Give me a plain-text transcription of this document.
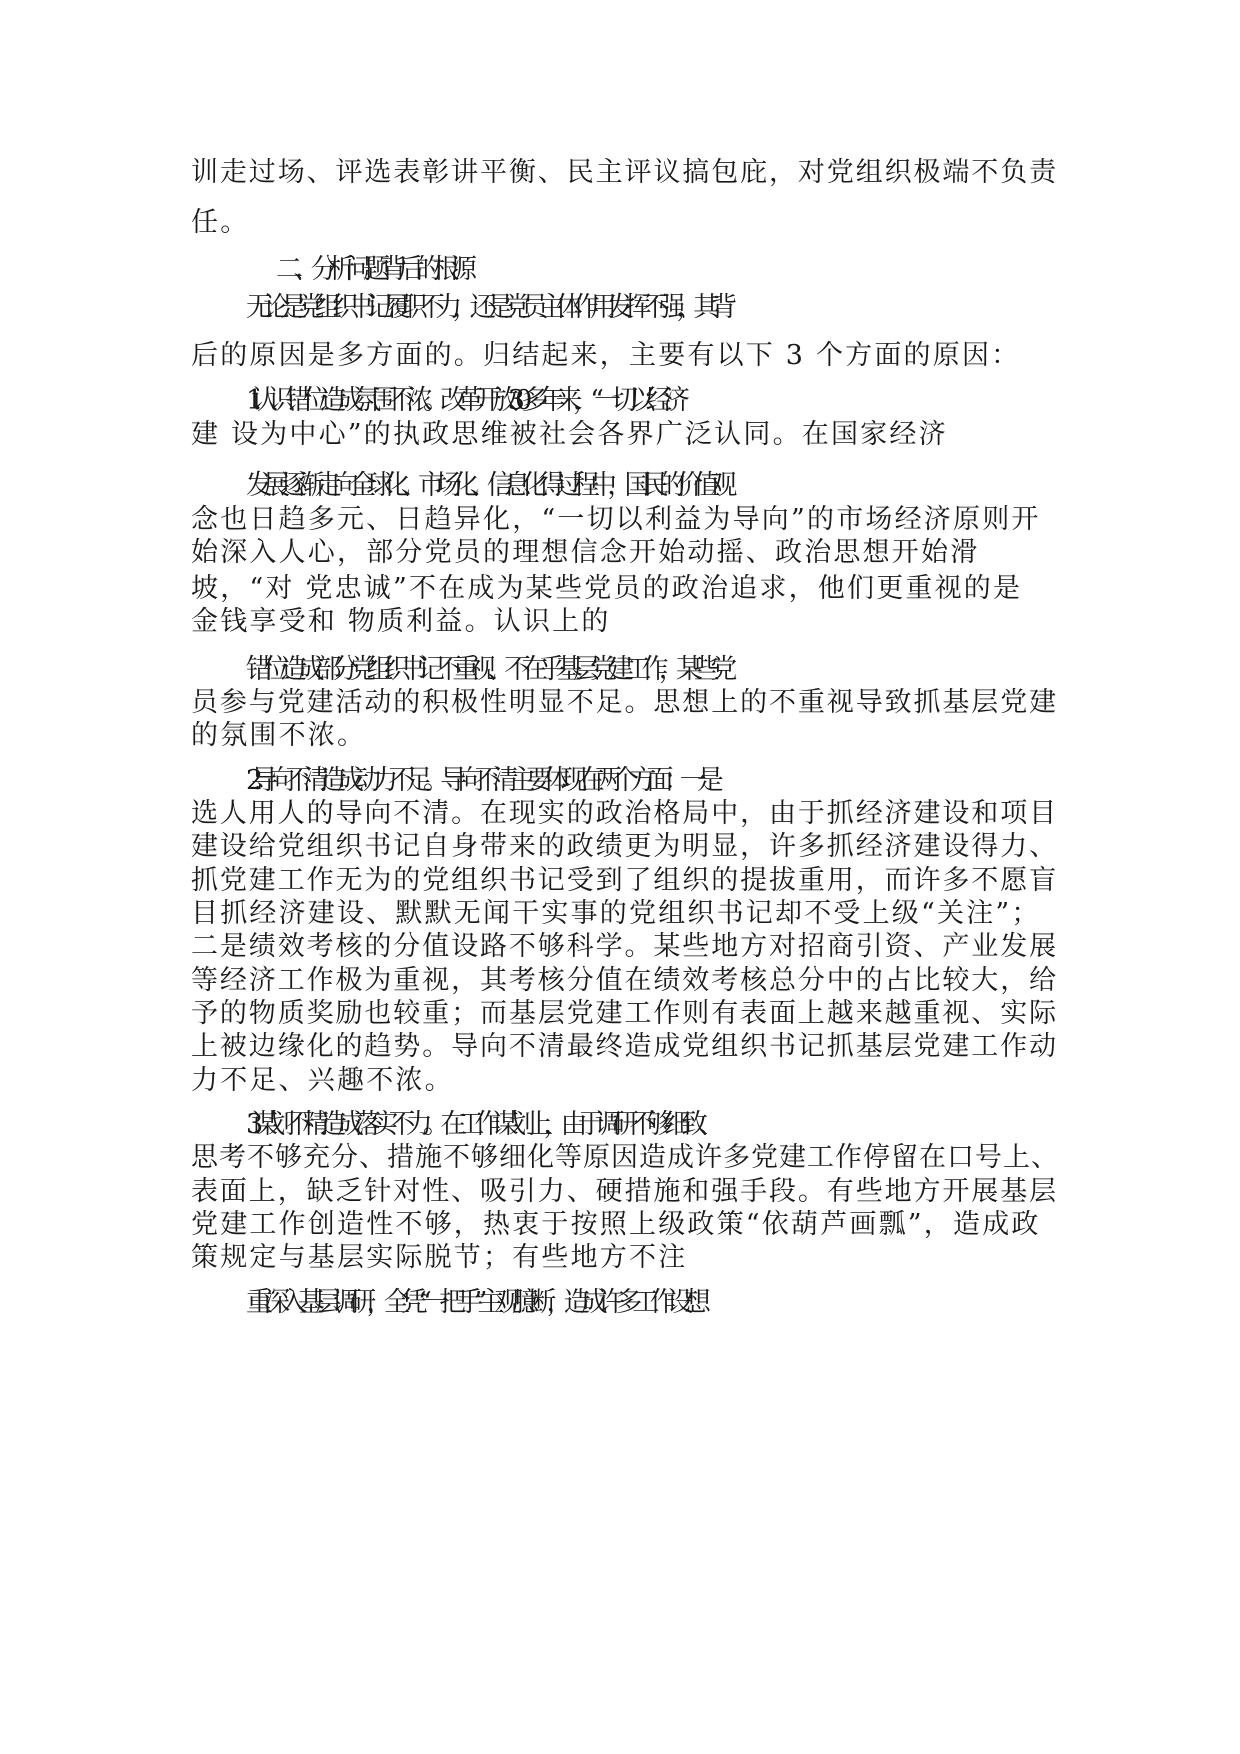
训走过场、评选表彰讲平衡、民主评议搞包庇，对党组织极端不负责
任。
二、分析问题背后的根源
无论是党组织书记履职不力，还是党员主体作用发挥不强，其背
后的原因是多方面的。归结起来，主要有以下 3 个方面的原因：
1. 认识错位造成氛围不浓。改革开放 30 多年来，“一切以经济
建 设为中心”的执政思维被社会各界广泛认同。在国家经济
发展逐渐走向全球化、市场化、信息化得过程中，国民的价值观
念也日趋多元、日趋异化，“一切以利益为导向”的市场经济原则开
始深入人心，部分党员的理想信念开始动摇、政治思想开始滑
坡，“对 党忠诚”不在成为某些党员的政治追求，他们更重视的是
金钱享受和 物质利益。认识上的
错位造成部分党组织书记不重视、不在乎基层党建工作，某些党
员参与党建活动的积极性明显不足。思想上的不重视导致抓基层党建
的氛围不浓。
2. 导向不清造成动力不足。导向不清主要体现在两个方面： 一是
选人用人的导向不清。在现实的政治格局中，由于抓经济建设和项目
建设给党组织书记自身带来的政绩更为明显，许多抓经济建设得力、
抓党建工作无为的党组织书记受到了组织的提拔重用，而许多不愿盲
目抓经济建设、默默无闻干实事的党组织书记却不受上级“关注”；
二是绩效考核的分值设路不够科学。某些地方对招商引资、产业发展
等经济工作极为重视，其考核分值在绩效考核总分中的占比较大，给
予的物质奖励也较重；而基层党建工作则有表面上越来越重视、实际
上被边缘化的趋势。导向不清最终造成党组织书记抓基层党建工作动
力不足、兴趣不浓。
3. 谋划不精造成落实不力。在工作谋划上，由于调研不够细致、
思考不够充分、措施不够细化等原因造成许多党建工作停留在口号上、
表面上，缺乏针对性、吸引力、硬措施和强手段。有些地方开展基层
党建工作创造性不够，热衷于按照上级政策“依葫芦画瓢”，造成政
策规定与基层实际脱节；有些地方不注
重深入基层调研，全凭“一把手”主观臆断，造成许多工作设想
